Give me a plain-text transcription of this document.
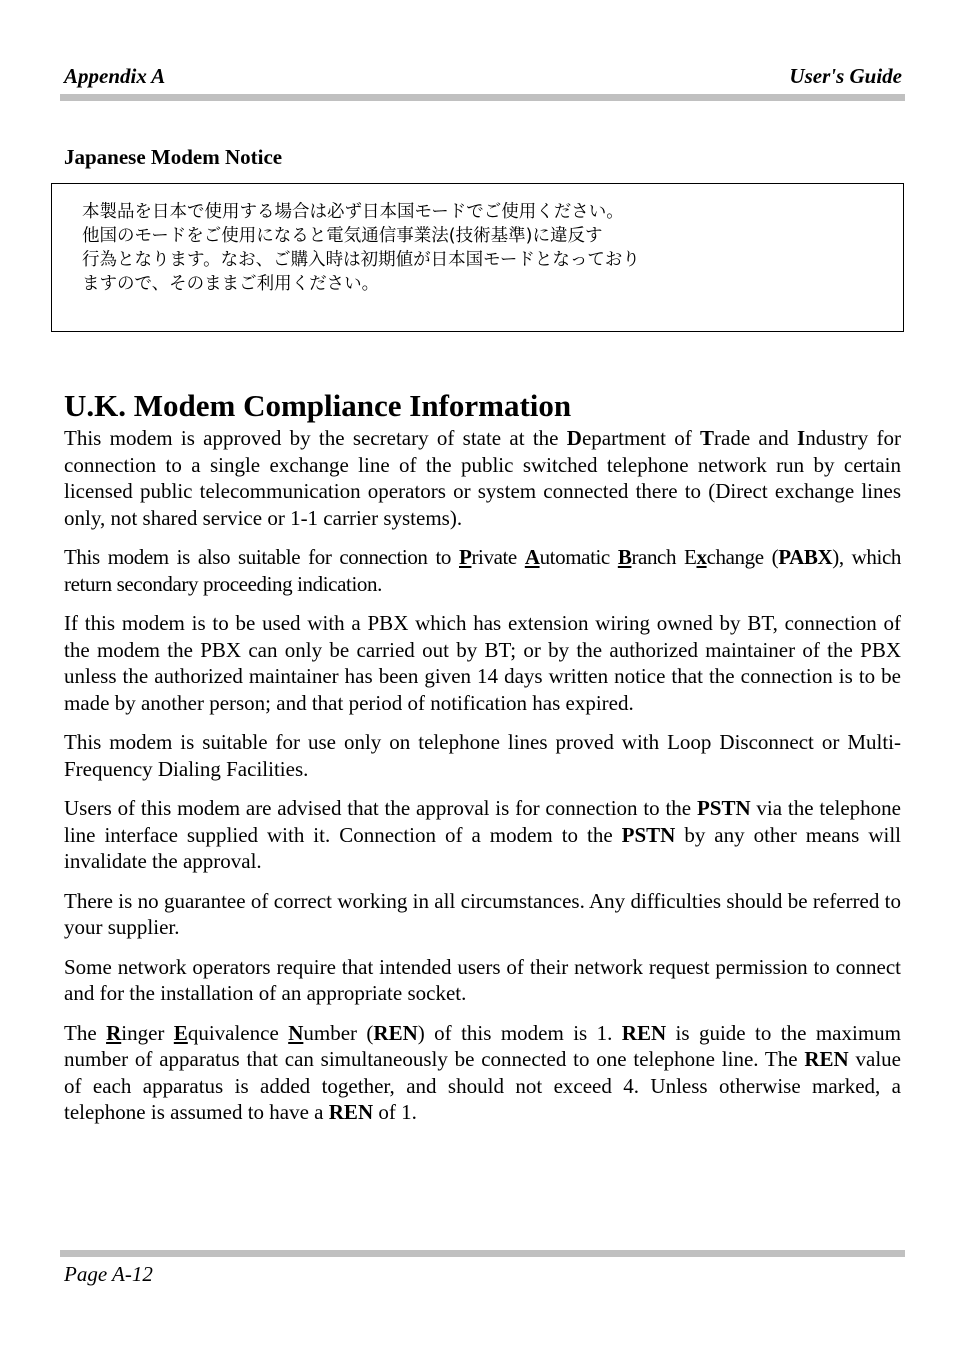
Appendix A	User's Guide
Japanese Modem Notice
本製品を日本で使用する場合は必ず日本国モードでご使用ください。
他国のモードをご使用になると電気通信事業法(技術基準)に違反す
行為となります。なお、ご購入時は初期値が日本国モードとなっており
ますので、そのままご利用ください。
U.K. Modem Compliance Information

This modem is approved by the secretary of state at the Department of Trade and Industry for connection to a single exchange line of the public switched telephone network run by certain licensed public telecommunication operators or system connected there to (Direct exchange lines only, not shared service or 1-1 carrier systems).

This modem is also suitable for connection to Private Automatic Branch Exchange (PABX), which return secondary proceeding indication.

If this modem is to be used with a PBX which has extension wiring owned by BT, connection of the modem the PBX can only be carried out by BT; or by the authorized maintainer of the PBX unless the authorized maintainer has been given 14 days written notice that the connection is to be made by another person; and that period of notification has expired.

This modem is suitable for use only on telephone lines proved with Loop Disconnect or Multi-Frequency Dialing Facilities.

Users of this modem are advised that the approval is for connection to the PSTN via the telephone line interface supplied with it. Connection of a modem to the PSTN by any other means will invalidate the approval.

There is no guarantee of correct working in all circumstances. Any difficulties should be referred to your supplier.

Some network operators require that intended users of their network request permission to connect and for the installation of an appropriate socket.

The Ringer Equivalence Number (REN) of this modem is 1. REN is guide to the maximum number of apparatus that can simultaneously be connected to one telephone line. The REN value of each apparatus is added together, and should not exceed 4. Unless otherwise marked, a telephone is assumed to have a REN of 1.

Page A-12
